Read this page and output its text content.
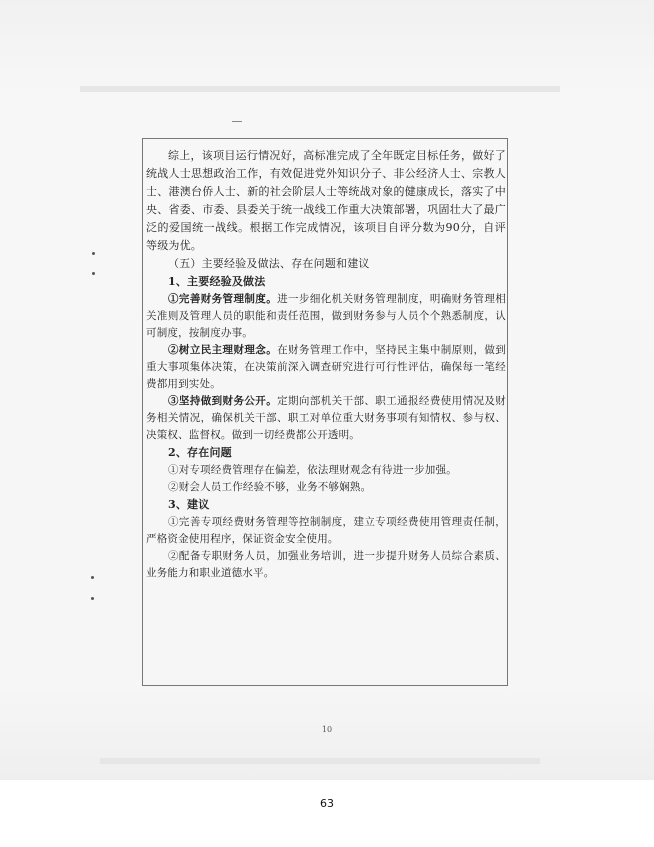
综上，该项目运行情况好，高标准完成了全年既定目标任务，做好了统战人士思想政治工作，有效促进党外知识分子、非公经济人士、宗教人士、港澳台侨人士、新的社会阶层人士等统战对象的健康成长，落实了中央、省委、市委、县委关于统一战线工作重大决策部署，巩固壮大了最广泛的爱国统一战线。根据工作完成情况，该项目自评分数为90分，自评等级为优。

（五）主要经验及做法、存在问题和建议

1、主要经验及做法

①完善财务管理制度。进一步细化机关财务管理制度，明确财务管理相关准则及管理人员的职能和责任范围，做到财务参与人员个个熟悉制度，认可制度，按制度办事。

②树立民主理财理念。在财务管理工作中，坚持民主集中制原则，做到重大事项集体决策，在决策前深入调查研究进行可行性评估，确保每一笔经费都用到实处。

③坚持做到财务公开。定期向部机关干部、职工通报经费使用情况及财务相关情况，确保机关干部、职工对单位重大财务事项有知情权、参与权、决策权、监督权。做到一切经费都公开透明。

2、存在问题

①对专项经费管理存在偏差，依法理财观念有待进一步加强。

②财会人员工作经验不够，业务不够娴熟。

3、建议

①完善专项经费财务管理等控制制度，建立专项经费使用管理责任制，严格资金使用程序，保证资金安全使用。

②配备专职财务人员，加强业务培训，进一步提升财务人员综合素质、业务能力和职业道德水平。

10
63
